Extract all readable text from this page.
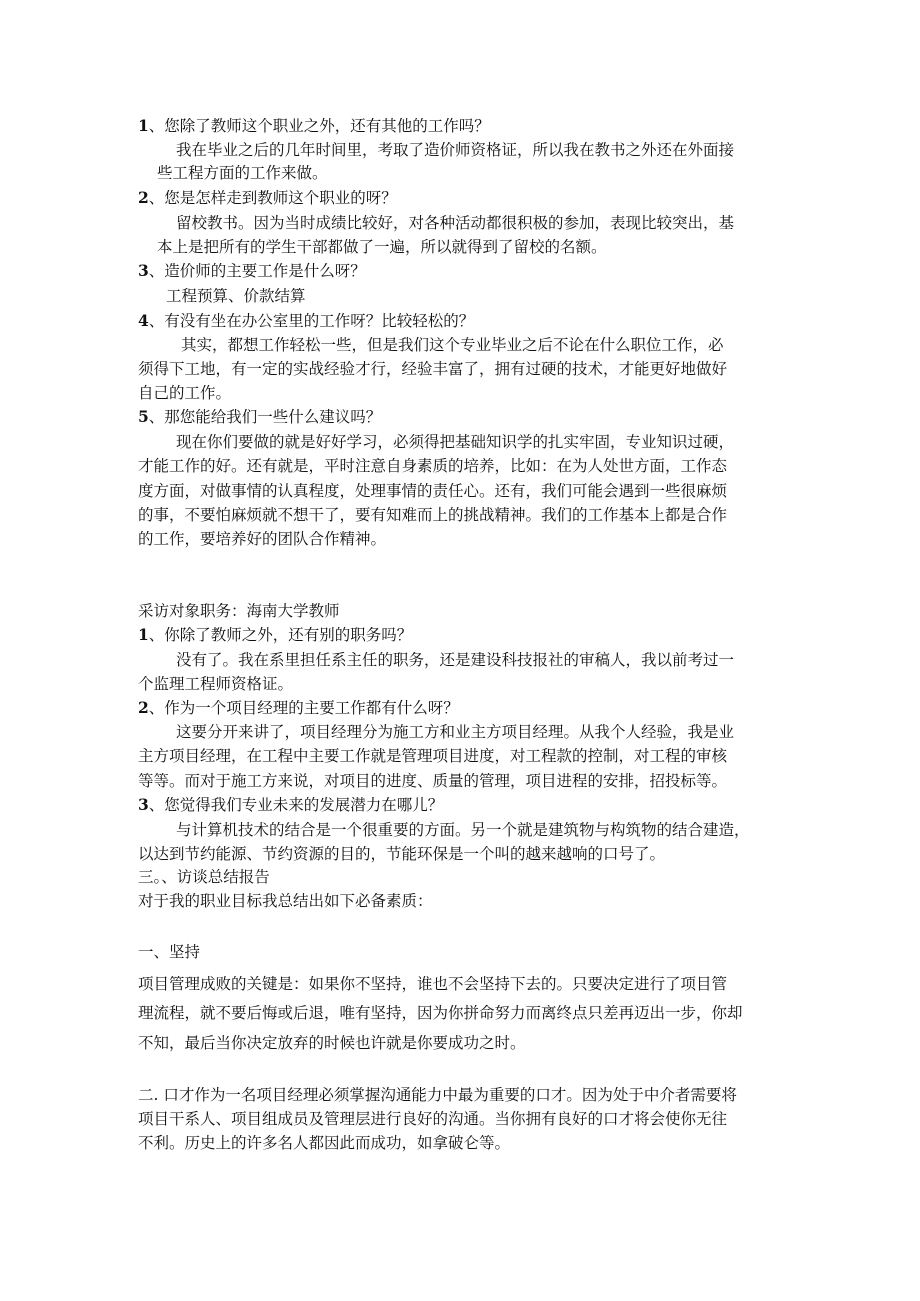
1、您除了教师这个职业之外，还有其他的工作吗？
我在毕业之后的几年时间里，考取了造价师资格证，所以我在教书之外还在外面接
些工程方面的工作来做。
2、您是怎样走到教师这个职业的呀？
留校教书。因为当时成绩比较好，对各种活动都很积极的参加，表现比较突出，基
本上是把所有的学生干部都做了一遍，所以就得到了留校的名额。
3、造价师的主要工作是什么呀？
工程预算、价款结算
4、有没有坐在办公室里的工作呀？比较轻松的？
其实，都想工作轻松一些，但是我们这个专业毕业之后不论在什么职位工作，必
须得下工地，有一定的实战经验才行，经验丰富了，拥有过硬的技术，才能更好地做好
自己的工作。
5、那您能给我们一些什么建议吗？
现在你们要做的就是好好学习，必须得把基础知识学的扎实牢固，专业知识过硬，
才能工作的好。还有就是，平时注意自身素质的培养，比如：在为人处世方面，工作态
度方面，对做事情的认真程度，处理事情的责任心。还有，我们可能会遇到一些很麻烦
的事，不要怕麻烦就不想干了，要有知难而上的挑战精神。我们的工作基本上都是合作
的工作，要培养好的团队合作精神。
采访对象职务：海南大学教师
1、你除了教师之外，还有别的职务吗？
没有了。我在系里担任系主任的职务，还是建设科技报社的审稿人，我以前考过一
个监理工程师资格证。
2、作为一个项目经理的主要工作都有什么呀？
这要分开来讲了，项目经理分为施工方和业主方项目经理。从我个人经验，我是业
主方项目经理，在工程中主要工作就是管理项目进度，对工程款的控制，对工程的审核
等等。而对于施工方来说，对项目的进度、质量的管理，项目进程的安排，招投标等。
3、您觉得我们专业未来的发展潜力在哪儿？
与计算机技术的结合是一个很重要的方面。另一个就是建筑物与构筑物的结合建造，
以达到节约能源、节约资源的目的，节能环保是一个叫的越来越响的口号了。
三。、访谈总结报告
对于我的职业目标我总结出如下必备素质：
一、坚持
项目管理成败的关键是：如果你不坚持，谁也不会坚持下去的。只要决定进行了项目管
理流程，就不要后悔或后退，唯有坚持，因为你拼命努力而离终点只差再迈出一步，你却
不知，最后当你决定放弃的时候也许就是你要成功之时。
二. 口才作为一名项目经理必须掌握沟通能力中最为重要的口才。因为处于中介者需要将
项目干系人、项目组成员及管理层进行良好的沟通。当你拥有良好的口才将会使你无往
不利。历史上的许多名人都因此而成功，如拿破仑等。
